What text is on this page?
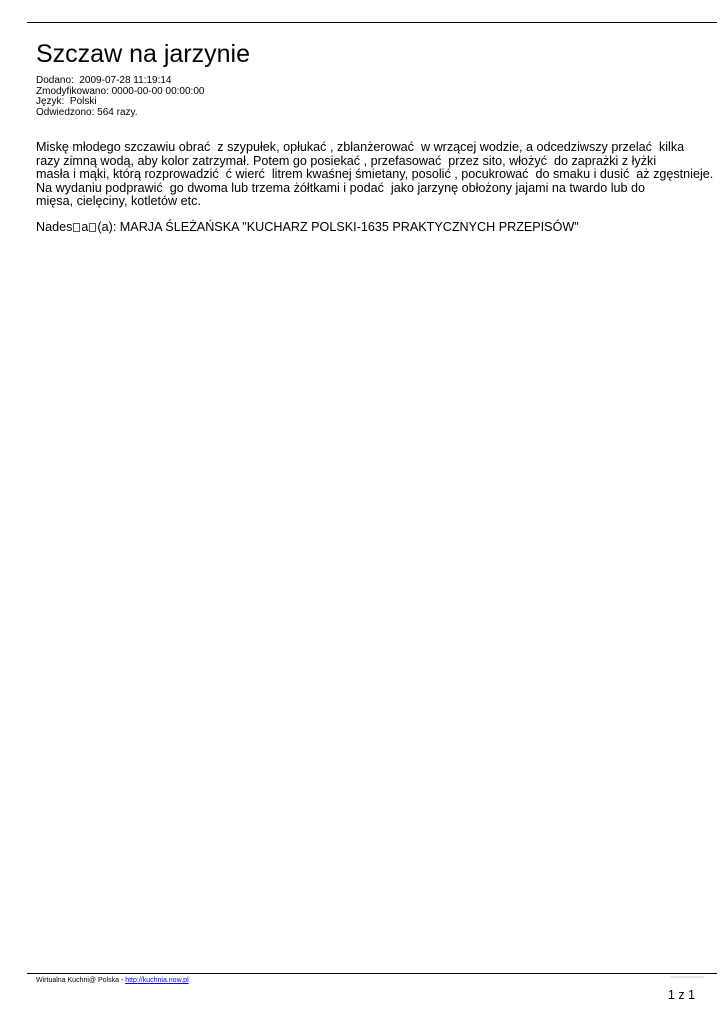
Szczaw na jarzynie
Dodano: 2009-07-28 11:19:14
Zmodyfikowano: 0000-00-00 00:00:00
Język: Polski
Odwiedzono: 564 razy.
Miskę młodego szczawiu obrać  z szypułek, opłukać , zblanżerować  w wrzącej wodzie, a odcedziwszy przelać  kilka
razy zimną wodą, aby kolor zatrzymał. Potem go posiekać , przefasować  przez sito, włożyć  do zaprażki z łyżki
masła i mąki, którą rozprowadzić  ć wierć  litrem kwaśnej śmietany, posolić , pocukrować  do smaku i dusić  aż zgęstnieje.
Na wydaniu podprawić  go dwoma lub trzema żółtkami i podać  jako jarzynę obłożony jajami na twardo lub do
mięsa, cielęciny, kotletów etc.
Nades a (a): MARJA ŚLEŻAŃSKA "KUCHARZ POLSKI-1635 PRAKTYCZNYCH PRZEPISÓW"
Wirtualna Kuchni@ Polska - http://kuchnia.now.pl
1 z 1
